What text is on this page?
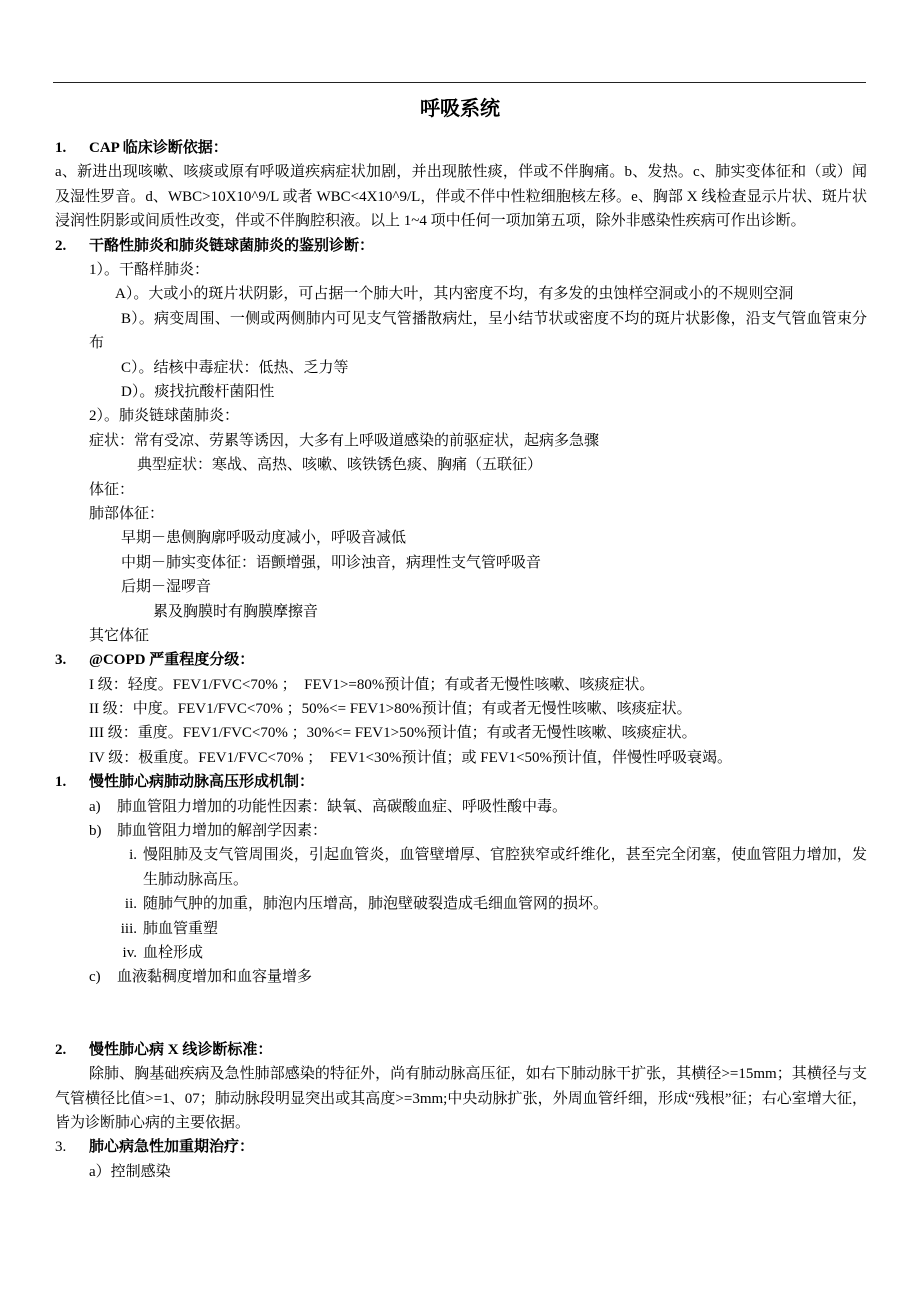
呼吸系统
1. CAP 临床诊断依据：
a、新进出现咳嗽、咳痰或原有呼吸道疾病症状加剧，并出现脓性痰，伴或不伴胸痛。b、发热。c、肺实变体征和（或）闻及湿性罗音。d、WBC>10X10^9/L 或者 WBC<4X10^9/L，伴或不伴中性粒细胞核左移。e、胸部 X 线检查显示片状、斑片状浸润性阴影或间质性改变，伴或不伴胸腔积液。以上 1~4 项中任何一项加第五项，除外非感染性疾病可作出诊断。
2. 干酪性肺炎和肺炎链球菌肺炎的鉴别诊断：
1）。干酪样肺炎：
A）。大或小的斑片状阴影，可占据一个肺大叶，其内密度不均，有多发的虫蚀样空洞或小的不规则空洞
B）。病变周围、一侧或两侧肺内可见支气管播散病灶，呈小结节状或密度不均的斑片状影像，沿支气管血管束分布
C）。结核中毒症状：低热、乏力等
D）。痰找抗酸杆菌阳性
2）。肺炎链球菌肺炎：
症状：常有受凉、劳累等诱因，大多有上呼吸道感染的前驱症状，起病多急骤
典型症状：寒战、高热、咳嗽、咳铁锈色痰、胸痛（五联征）
体征：
肺部体征：
早期－患侧胸廓呼吸动度减小，呼吸音减低
中期－肺实变体征：语颤增强，叩诊浊音，病理性支气管呼吸音
后期－湿啰音
累及胸膜时有胸膜摩擦音
其它体征
3. @COPD 严重程度分级：
I 级：轻度。FEV1/FVC<70% ；  FEV1>=80%预计值；有或者无慢性咳嗽、咳痰症状。
II 级：中度。FEV1/FVC<70% ；50%<= FEV1>80%预计值；有或者无慢性咳嗽、咳痰症状。
III 级：重度。FEV1/FVC<70% ；30%<= FEV1>50%预计值；有或者无慢性咳嗽、咳痰症状。
IV 级：极重度。FEV1/FVC<70% ；  FEV1<30%预计值；或 FEV1<50%预计值，伴慢性呼吸衰竭。
1. 慢性肺心病肺动脉高压形成机制：
a) 肺血管阻力增加的功能性因素：缺氧、高碳酸血症、呼吸性酸中毒。
b) 肺血管阻力增加的解剖学因素：
i. 慢阻肺及支气管周围炎，引起血管炎，血管壁增厚、官腔狭窄或纤维化，甚至完全闭塞，使血管阻力增加，发生肺动脉高压。
ii. 随肺气肿的加重，肺泡内压增高，肺泡壁破裂造成毛细血管网的损坏。
iii. 肺血管重塑
iv. 血栓形成
c) 血液黏稠度增加和血容量增多
2. 慢性肺心病 X 线诊断标准：
除肺、胸基础疾病及急性肺部感染的特征外，尚有肺动脉高压征，如右下肺动脉干扩张，其横径>=15mm；其横径与支气管横径比值>=1、07；肺动脉段明显突出或其高度>=3mm;中央动脉扩张，外周血管纤细，形成“残根”征；右心室增大征，皆为诊断肺心病的主要依据。
3. 肺心病急性加重期治疗：
a）控制感染
